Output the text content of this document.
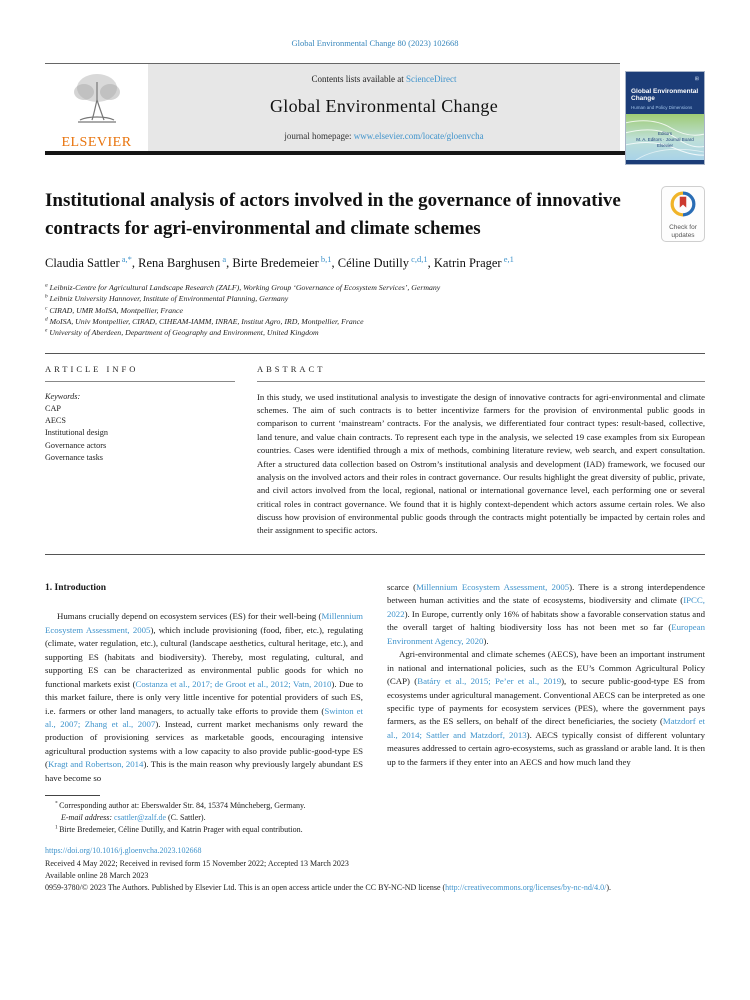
Global Environmental Change 80 (2023) 102668
ELSEVIER
Contents lists available at ScienceDirect
Global Environmental Change
journal homepage: www.elsevier.com/locate/gloenvcha
⊞
Global Environmental Change
Human and Policy Dimensions
Editors
M. A. Editors · Journal Board
Elsevier
Check for
updates
Institutional analysis of actors involved in the governance of innovative contracts for agri-environmental and climate schemes
Claudia Sattler $^{a,*}$, Rena Barghusen $^a$, Birte Bredemeier $^{b,1}$, Céline Dutilly $^{c,d,1}$, Katrin Prager $^{e,1}$
$^a$ Leibniz-Centre for Agricultural Landscape Research (ZALF), Working Group ‘Governance of Ecosystem Services’, Germany
$^b$ Leibniz University Hannover, Institute of Environmental Planning, Germany
$^c$ CIRAD, UMR MoISA, Montpellier, France
$^d$ MoISA, Univ Montpellier, CIRAD, CIHEAM-IAMM, INRAE, Institut Agro, IRD, Montpellier, France
$^e$ University of Aberdeen, Department of Geography and Environment, United Kingdom
ARTICLE INFO
Keywords:
CAP
AECS
Institutional design
Governance actors
Governance tasks
ABSTRACT
In this study, we used institutional analysis to investigate the design of innovative contracts for agri-environmental and climate schemes. The aim of such contracts is to better incentivize farmers for the provision of environmental public goods in comparison to current ‘mainstream’ contracts. For the analysis, we differentiated four contract types: result-based, collective, land tenure, and value chain contracts. To represent each type in the analysis, we selected 19 case examples from six European countries. Cases were identified through a mix of methods, combining literature review, web search, and expert consultation. After a structured data collection based on Ostrom’s institutional analysis and development (IAD) framework, we focused our analysis on the involved actors and their roles in contract governance. Our results highlight the great diversity of public, private, and civil actors involved from the local, regional, national or international governance level, each performing one or several critical roles in contract governance. We found that it is highly context-dependent which actors assume certain roles. We also discuss how provision of environmental public goods through the contracts might potentially be impacted by certain roles and their assignment to specific actors.
1. Introduction

Humans crucially depend on ecosystem services (ES) for their well-being (Millennium Ecosystem Assessment, 2005), which include provisioning (food, fiber, etc.), regulating (climate, water regulation, etc.), cultural (landscape aesthetics, cultural heritage, etc.), and supporting ES (habitats and biodiversity). Thereby, most regulating, cultural, and supporting ES can be characterized as environmental public goods for which no functional markets exist (Costanza et al., 2017; de Groot et al., 2012; Vatn, 2010). Due to this market failure, there is only very little incentive for potential providers of such ES, i.e. farmers or other land managers, to actually take efforts to provide them (Swinton et al., 2007; Zhang et al., 2007). Instead, current market mechanisms only reward the production of provisioning services as marketable goods, encouraging intensive agricultural production systems with a low capacity to also provide public-good-type ES (Kragt and Robertson, 2014). This is the main reason why previously largely abundant ES have become so

scarce (Millennium Ecosystem Assessment, 2005). There is a strong interdependence between human activities and the state of ecosystems, biodiversity and climate (IPCC, 2022). In Europe, currently only 16% of habitats show a favorable conservation status and the overall target of halting biodiversity loss has not been met so far (European Environment Agency, 2020).

Agri-environmental and climate schemes (AECS), have been an important instrument in national and international policies, such as the EU’s Common Agricultural Policy (CAP) (Batáry et al., 2015; Pe’er et al., 2019), to secure public-good-type ES from ecosystems under agricultural management. Conventional AECS can be interpreted as one specific type of payments for ecosystem services (PES), where the government pays farmers, as the ES sellers, on behalf of the direct beneficiaries, the society (Matzdorf et al., 2014; Sattler and Matzdorf, 2013). AECS typically consist of different voluntary measures addressed to certain agro-ecosystems, such as grassland or arable land. It is then up to the farmers if they enter into an AECS and how much land they

* Corresponding author at: Eberswalder Str. 84, 15374 Müncheberg, Germany.
E-mail address: csattler@zalf.de (C. Sattler).
$^1$ Birte Bredemeier, Céline Dutilly, and Katrin Prager with equal contribution.
https://doi.org/10.1016/j.gloenvcha.2023.102668
Received 4 May 2022; Received in revised form 15 November 2022; Accepted 13 March 2023
Available online 28 March 2023
0959-3780/© 2023 The Authors. Published by Elsevier Ltd. This is an open access article under the CC BY-NC-ND license (http://creativecommons.org/licenses/by-nc-nd/4.0/).
